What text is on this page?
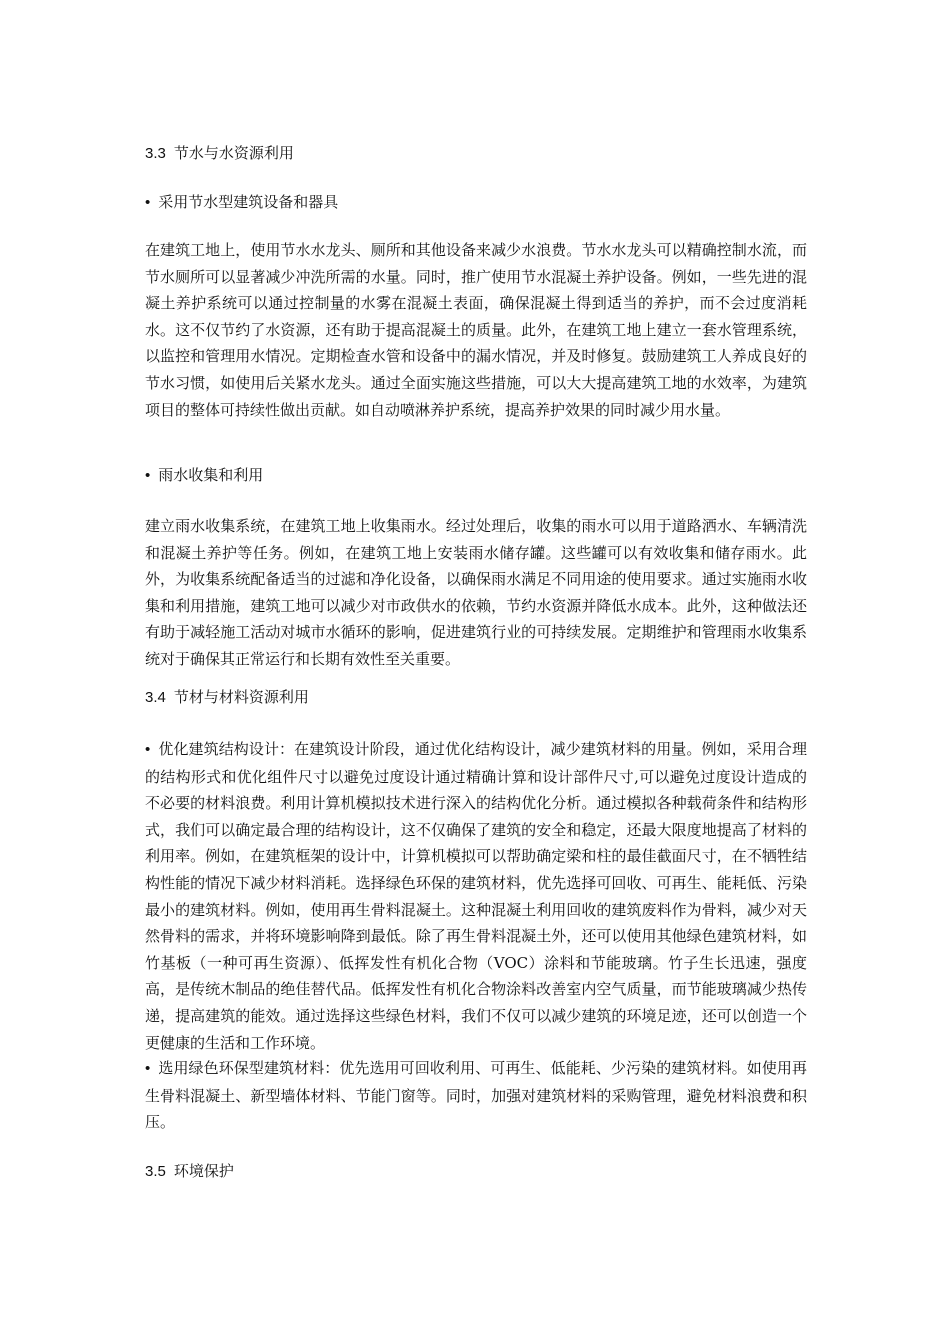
3.3 节水与水资源利用
• 采用节水型建筑设备和器具

在建筑工地上，使用节水水龙头、厕所和其他设备来减少水浪费。节水水龙头可以精确控制水流，而节水厕所可以显著减少冲洗所需的水量。同时，推广使用节水混凝土养护设备。例如，一些先进的混凝土养护系统可以通过控制量的水雾在混凝土表面，确保混凝土得到适当的养护，而不会过度消耗水。这不仅节约了水资源，还有助于提高混凝土的质量。此外，在建筑工地上建立一套水管理系统，以监控和管理用水情况。定期检查水管和设备中的漏水情况，并及时修复。鼓励建筑工人养成良好的节水习惯，如使用后关紧水龙头。通过全面实施这些措施，可以大大提高建筑工地的水效率，为建筑项目的整体可持续性做出贡献。如自动喷淋养护系统，提高养护效果的同时减少用水量。

• 雨水收集和利用

建立雨水收集系统，在建筑工地上收集雨水。经过处理后，收集的雨水可以用于道路洒水、车辆清洗和混凝土养护等任务。例如，在建筑工地上安装雨水储存罐。这些罐可以有效收集和储存雨水。此外，为收集系统配备适当的过滤和净化设备，以确保雨水满足不同用途的使用要求。通过实施雨水收集和利用措施，建筑工地可以减少对市政供水的依赖，节约水资源并降低水成本。此外，这种做法还有助于减轻施工活动对城市水循环的影响，促进建筑行业的可持续发展。定期维护和管理雨水收集系统对于确保其正常运行和长期有效性至关重要。

3.4 节材与材料资源利用

• 优化建筑结构设计：在建筑设计阶段，通过优化结构设计，减少建筑材料的用量。例如，采用合理的结构形式和优化组件尺寸以避免过度设计通过精确计算和设计部件尺寸,可以避免过度设计造成的不必要的材料浪费。利用计算机模拟技术进行深入的结构优化分析。通过模拟各种载荷条件和结构形式，我们可以确定最合理的结构设计，这不仅确保了建筑的安全和稳定，还最大限度地提高了材料的利用率。例如，在建筑框架的设计中，计算机模拟可以帮助确定梁和柱的最佳截面尺寸，在不牺牲结构性能的情况下减少材料消耗。选择绿色环保的建筑材料，优先选择可回收、可再生、能耗低、污染最小的建筑材料。例如，使用再生骨料混凝土。这种混凝土利用回收的建筑废料作为骨料，减少对天然骨料的需求，并将环境影响降到最低。除了再生骨料混凝土外，还可以使用其他绿色建筑材料，如竹基板（一种可再生资源）、低挥发性有机化合物（VOC）涂料和节能玻璃。竹子生长迅速，强度高，是传统木制品的绝佳替代品。低挥发性有机化合物涂料改善室内空气质量，而节能玻璃减少热传递，提高建筑的能效。通过选择这些绿色材料，我们不仅可以减少建筑的环境足迹，还可以创造一个更健康的生活和工作环境。

• 选用绿色环保型建筑材料：优先选用可回收利用、可再生、低能耗、少污染的建筑材料。如使用再生骨料混凝土、新型墙体材料、节能门窗等。同时，加强对建筑材料的采购管理，避免材料浪费和积压。

3.5 环境保护
